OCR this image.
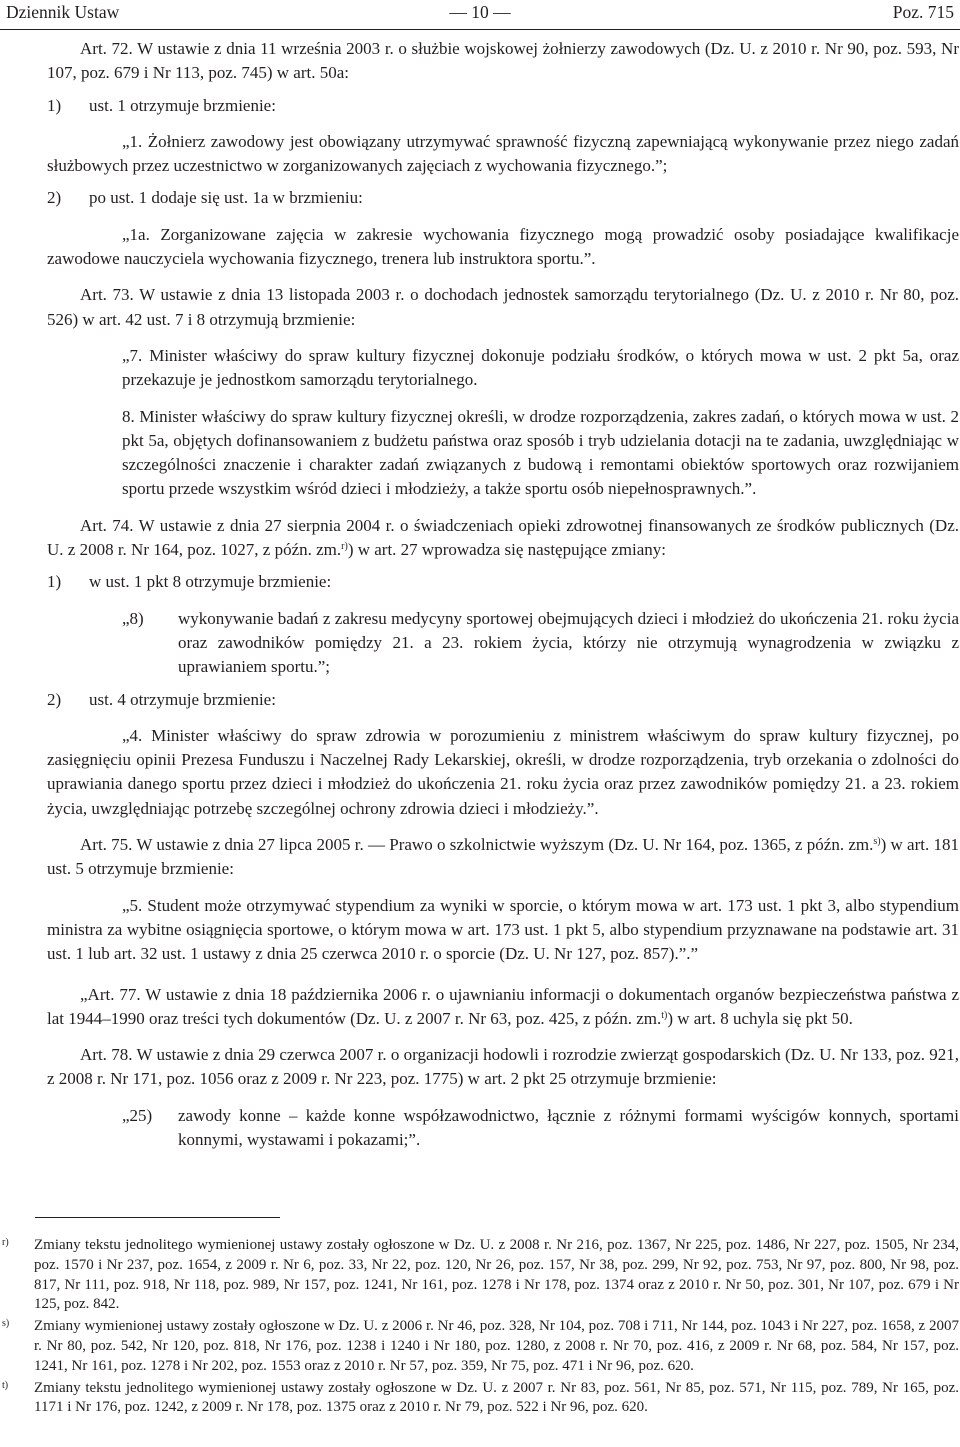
Dziennik Ustaw	— 10 —	Poz. 715

Art. 72. W ustawie z dnia 11 września 2003 r. o służbie wojskowej żołnierzy zawodowych (Dz. U. z 2010 r. Nr 90, poz. 593, Nr 107, poz. 679 i Nr 113, poz. 745) w art. 50a:

1)	ust. 1 otrzymuje brzmienie:

„1. Żołnierz zawodowy jest obowiązany utrzymywać sprawność fizyczną zapewniającą wykonywanie przez niego zadań służbowych przez uczestnictwo w zorganizowanych zajęciach z wychowania fizycznego.”;

2)	po ust. 1 dodaje się ust. 1a w brzmieniu:

„1a. Zorganizowane zajęcia w zakresie wychowania fizycznego mogą prowadzić osoby posiadające kwalifikacje zawodowe nauczyciela wychowania fizycznego, trenera lub instruktora sportu.”.

Art. 73. W ustawie z dnia 13 listopada 2003 r. o dochodach jednostek samorządu terytorialnego (Dz. U. z 2010 r. Nr 80, poz. 526) w art. 42 ust. 7 i 8 otrzymują brzmienie:

„7. Minister właściwy do spraw kultury fizycznej dokonuje podziału środków, o których mowa w ust. 2 pkt 5a, oraz przekazuje je jednostkom samorządu terytorialnego.

8. Minister właściwy do spraw kultury fizycznej określi, w drodze rozporządzenia, zakres zadań, o których mowa w ust. 2 pkt 5a, objętych dofinansowaniem z budżetu państwa oraz sposób i tryb udzielania dotacji na te zadania, uwzględniając w szczególności znaczenie i charakter zadań związanych z budową i remontami obiektów sportowych oraz rozwijaniem sportu przede wszystkim wśród dzieci i młodzieży, a także sportu osób niepełnosprawnych.”.

Art. 74. W ustawie z dnia 27 sierpnia 2004 r. o świadczeniach opieki zdrowotnej finansowanych ze środków publicznych (Dz. U. z 2008 r. Nr 164, poz. 1027, z późn. zm.$^{r)}$) w art. 27 wprowadza się następujące zmiany:

1)	w ust. 1 pkt 8 otrzymuje brzmienie:
„8)	wykonywanie badań z zakresu medycyny sportowej obejmujących dzieci i młodzież do ukończenia 21. roku życia oraz zawodników pomiędzy 21. a 23. rokiem życia, którzy nie otrzymują wynagrodzenia w związku z uprawianiem sportu.”;
2)	ust. 4 otrzymuje brzmienie:

„4. Minister właściwy do spraw zdrowia w porozumieniu z ministrem właściwym do spraw kultury fizycznej, po zasięgnięciu opinii Prezesa Funduszu i Naczelnej Rady Lekarskiej, określi, w drodze rozporządzenia, tryb orzekania o zdolności do uprawiania danego sportu przez dzieci i młodzież do ukończenia 21. roku życia oraz przez zawodników pomiędzy 21. a 23. rokiem życia, uwzględniając potrzebę szczególnej ochrony zdrowia dzieci i młodzieży.”.

Art. 75. W ustawie z dnia 27 lipca 2005 r. — Prawo o szkolnictwie wyższym (Dz. U. Nr 164, poz. 1365, z późn. zm.$^{s)}$) w art. 181 ust. 5 otrzymuje brzmienie:

„5. Student może otrzymywać stypendium za wyniki w sporcie, o którym mowa w art. 173 ust. 1 pkt 3, albo stypendium ministra za wybitne osiągnięcia sportowe, o którym mowa w art. 173 ust. 1 pkt 5, albo stypendium przyznawane na podstawie art. 31 ust. 1 lub art. 32 ust. 1 ustawy z dnia 25 czerwca 2010 r. o sporcie (Dz. U. Nr 127, poz. 857).”.”

„Art. 77. W ustawie z dnia 18 października 2006 r. o ujawnianiu informacji o dokumentach organów bezpieczeństwa państwa z lat 1944–1990 oraz treści tych dokumentów (Dz. U. z 2007 r. Nr 63, poz. 425, z późn. zm.$^{t)}$) w art. 8 uchyla się pkt 50.

Art. 78. W ustawie z dnia 29 czerwca 2007 r. o organizacji hodowli i rozrodzie zwierząt gospodarskich (Dz. U. Nr 133, poz. 921, z 2008 r. Nr 171, poz. 1056 oraz z 2009 r. Nr 223, poz. 1775) w art. 2 pkt 25 otrzymuje brzmienie:

„25)	zawody konne – każde konne współzawodnictwo, łącznie z różnymi formami wyścigów konnych, sportami konnymi, wystawami i pokazami;”.
r)	Zmiany tekstu jednolitego wymienionej ustawy zostały ogłoszone w Dz. U. z 2008 r. Nr 216, poz. 1367, Nr 225, poz. 1486, Nr 227, poz. 1505, Nr 234, poz. 1570 i Nr 237, poz. 1654, z 2009 r. Nr 6, poz. 33, Nr 22, poz. 120, Nr 26, poz. 157, Nr 38, poz. 299, Nr 92, poz. 753, Nr 97, poz. 800, Nr 98, poz. 817, Nr 111, poz. 918, Nr 118, poz. 989, Nr 157, poz. 1241, Nr 161, poz. 1278 i Nr 178, poz. 1374 oraz z 2010 r. Nr 50, poz. 301, Nr 107, poz. 679 i Nr 125, poz. 842.
s)	Zmiany wymienionej ustawy zostały ogłoszone w Dz. U. z 2006 r. Nr 46, poz. 328, Nr 104, poz. 708 i 711, Nr 144, poz. 1043 i Nr 227, poz. 1658, z 2007 r. Nr 80, poz. 542, Nr 120, poz. 818, Nr 176, poz. 1238 i 1240 i Nr 180, poz. 1280, z 2008 r. Nr 70, poz. 416, z 2009 r. Nr 68, poz. 584, Nr 157, poz. 1241, Nr 161, poz. 1278 i Nr 202, poz. 1553 oraz z 2010 r. Nr 57, poz. 359, Nr 75, poz. 471 i Nr 96, poz. 620.
t)	Zmiany tekstu jednolitego wymienionej ustawy zostały ogłoszone w Dz. U. z 2007 r. Nr 83, poz. 561, Nr 85, poz. 571, Nr 115, poz. 789, Nr 165, poz. 1171 i Nr 176, poz. 1242, z 2009 r. Nr 178, poz. 1375 oraz z 2010 r. Nr 79, poz. 522 i Nr 96, poz. 620.
